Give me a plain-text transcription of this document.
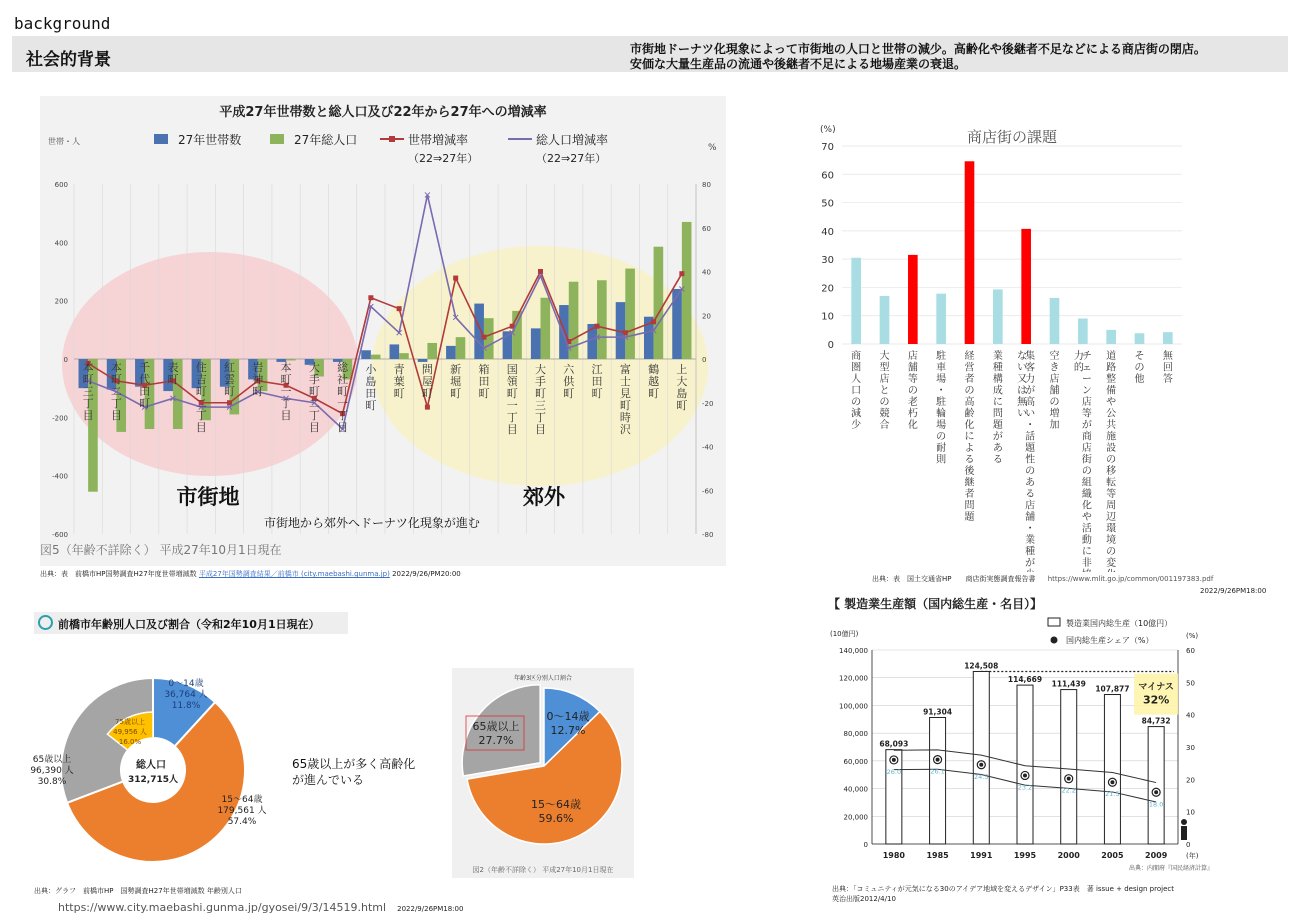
background
社会的背景
市街地ドーナツ化現象によって市街地の人口と世帯の減少。高齢化や後継者不足などによる商店街の閉店。
安価な大量生産品の流通や後継者不足による地場産業の衰退。
平成27年世帯数と総人口及び22年から27年への増減率
世帯・人
%
27年世帯数	27年総人口	世帯増減率
（22⇒27年）
総人口増減率
（22⇒27年）
600
400
200
0
-200
-400
-600
80
60
40
20
0
-20
-40
-60
-80
本町三丁目
本町二丁目
千代田町
表町
住吉町二丁目
紅雲町
岩神町
本町一丁目
大手町二丁目
総社町一丁目
小島田町
青葉町
問屋町
新堀町
箱田町
国領町一丁目
大手町三丁目
六供町
江田町
富士見町時沢
鶴越町
上大島町
市街地	郊外
市街地から郊外へドーナツ化現象が進む
図5（年齢不詳除く） 平成27年10月1日現在
出典：表　前橋市HP国勢調査H27年度世帯増減数 平成27年国勢調査結果／前橋市 (city.maebashi.gunma.jp) 2022/9/26/PM20:00
商店街の課題
(%)
70
60
50
40
30
20
10
0
商圏人口の減少
大型店との競合
店舗等の老朽化
駐車場・駐輪場の耐則
経営者の高齢化による後継者問題
業種構成に問題がある
集客力が高い・話題性のある店舗・業種が
ない又は無い
空き店舗の増加
チェーン店等が商店街の組織化や活動に非
力的
道路整備や公共施設の移転等周辺環境の変
その他
無回答
出典：表　国土交通省HP　　商店街実態調査報告書 https://www.mlit.go.jp/common/001197383.pdf
2022/9/26PM18:00
前橋市年齢別人口及び割合（令和2年10月1日現在）
総人口
312,715人
0～14歳
36,764 人
11.8%
15～64歳
179,561 人
57.4%
65歳以上
96,390 人
30.8%
75歳以上
49,956 人
16.0%
65歳以上が多く高齢化
が進んでいる
出典：グラフ　前橋市HP　国勢調査H27年世帯増減数 年齢別人口
https://www.city.maebashi.gunma.jp/gyosei/9/3/14519.html 2022/9/26PM18:00
年齢3区分別人口割合
0～14歳
12.7%
15～64歳
59.6%
65歳以上
27.7%
図2（年齢不詳除く） 平成27年10月1日現在
【 製造業生産額（国内総生産・名目）】
製造業国内総生産（10億円）
国内総生産シェア（%）
(10億円)	(%)
140,000
120,000
100,000
80,000
60,000
40,000
20,000
0
60
50
40
30
20
10
0
68,093
1980
91,304
1985
124,508
1991
114,669
1995
111,439
2000
107,877
2005
84,732
2009	(年)
26.0	26.1
24.5
23.2	22.2	21.5
18.0
マイナス
32%
出典：内閣府『国民経済計算』
出典：「コミュニティが元気になる30のアイデア地域を変えるデザイン」P33表　著 issue + design project
英治出版2012/4/10
